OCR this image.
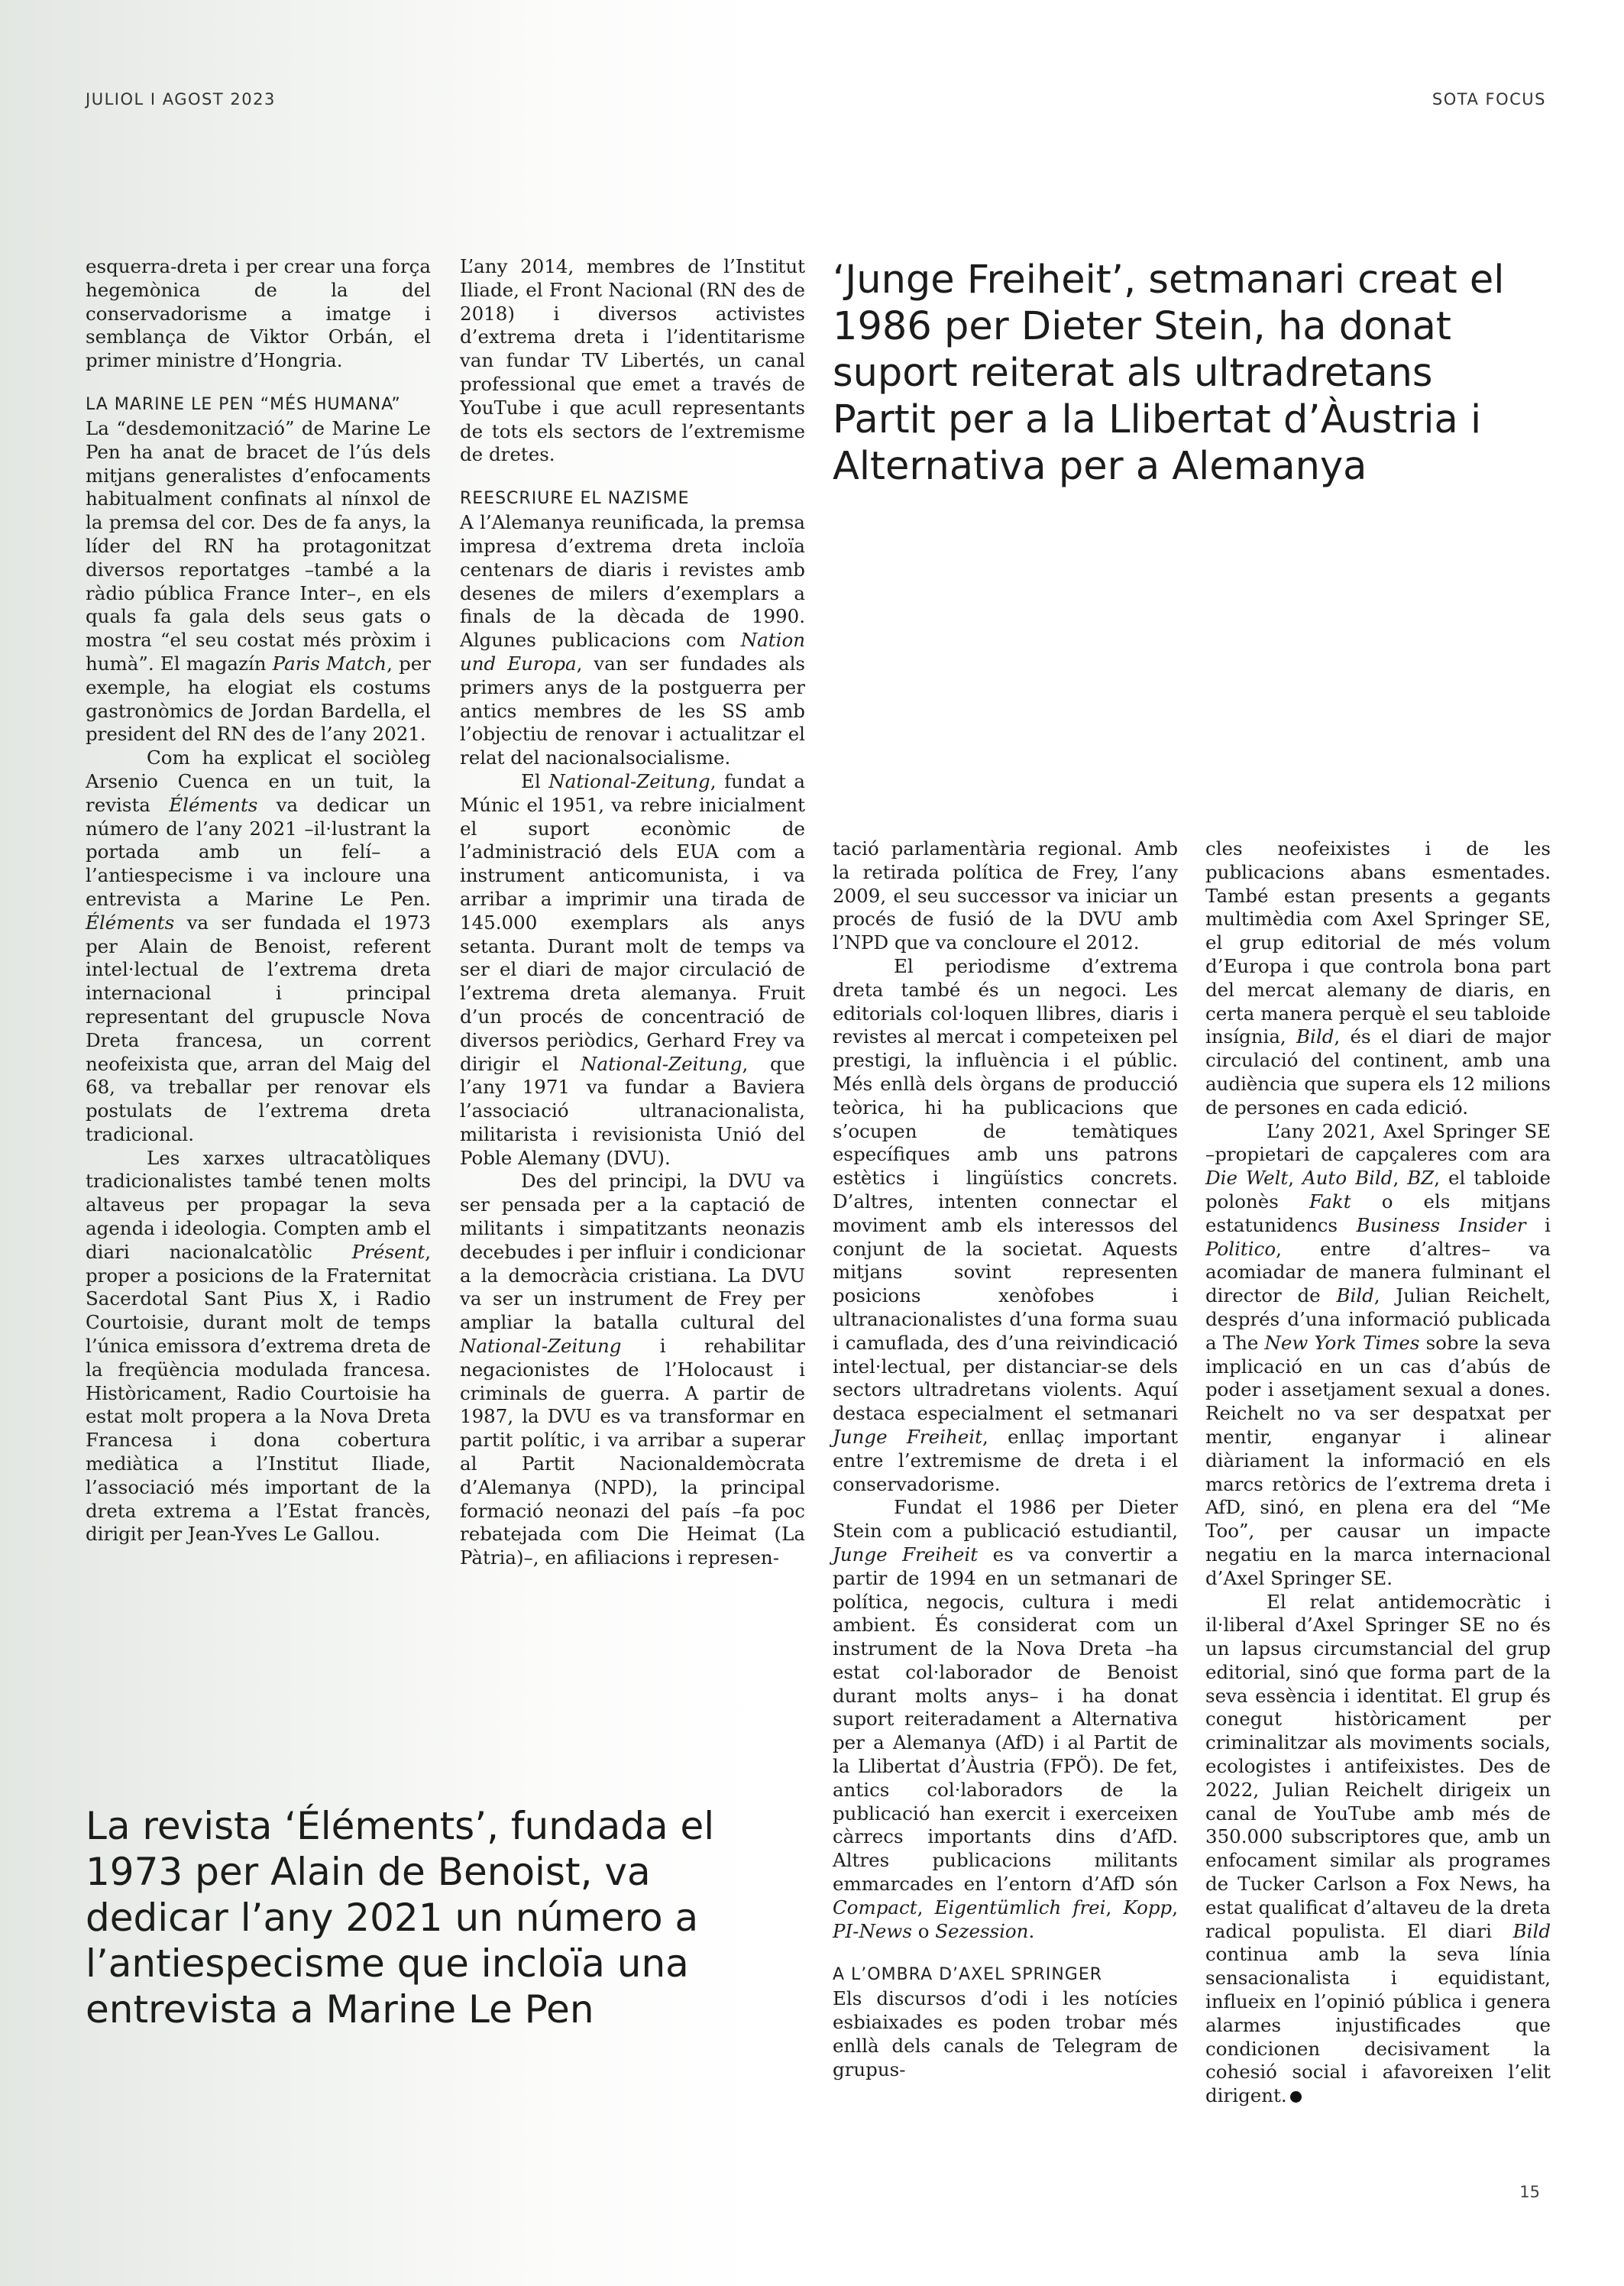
JULIOL I AGOST 2023	SOTA FOCUS
‘Junge Freiheit’, setmanari creat el 1986 per Dieter Stein, ha donat suport reiterat als ultradretans Partit per a la Llibertat d’Àustria i Alternativa per a Alemanya

esquerra-dreta i per crear una força hegemònica de la del conservadorisme a imatge i semblança de Viktor Orbán, el primer ministre d’Hongria.

LA MARINE LE PEN “MÉS HUMANA”

La “desdemonització” de Marine Le Pen ha anat de bracet de l’ús dels mitjans generalistes d’enfocaments habitualment confinats al nínxol de la premsa del cor. Des de fa anys, la líder del RN ha protagonitzat diversos reportatges –també a la ràdio pública France Inter–, en els quals fa gala dels seus gats o mostra “el seu costat més pròxim i humà”. El magazín Paris Match, per exemple, ha elogiat els costums gastronòmics de Jordan Bardella, el president del RN des de l’any 2021.

Com ha explicat el sociòleg Arsenio Cuenca en un tuit, la revista Éléments va dedicar un número de l’any 2021 –il·lustrant la portada amb un felí– a l’antiespecisme i va incloure una entrevista a Marine Le Pen. Éléments va ser fundada el 1973 per Alain de Benoist, referent intel·lectual de l’extrema dreta internacional i principal representant del grupuscle Nova Dreta francesa, un corrent neofeixista que, arran del Maig del 68, va treballar per renovar els postulats de l’extrema dreta tradicional.

Les xarxes ultracatòliques tradicionalistes també tenen molts altaveus per propagar la seva agenda i ideologia. Compten amb el diari nacionalcatòlic Présent, proper a posicions de la Fraternitat Sacerdotal Sant Pius X, i Radio Courtoisie, durant molt de temps l’única emissora d’extrema dreta de la freqüència modulada francesa. Històricament, Radio Courtoisie ha estat molt propera a la Nova Dreta Francesa i dona cobertura mediàtica a l’Institut Iliade, l’associació més important de la dreta extrema a l’Estat francès, dirigit per Jean-Yves Le Gallou.

L’any 2014, membres de l’Institut Iliade, el Front Nacional (RN des de 2018) i diversos activistes d’extrema dreta i l’identitarisme van fundar TV Libertés, un canal professional que emet a través de YouTube i que acull representants de tots els sectors de l’extremisme de dretes.

REESCRIURE EL NAZISME

A l’Alemanya reunificada, la premsa impresa d’extrema dreta incloïa centenars de diaris i revistes amb desenes de milers d’exemplars a finals de la dècada de 1990. Algunes publicacions com Nation und Europa, van ser fundades als primers anys de la postguerra per antics membres de les SS amb l’objectiu de renovar i actualitzar el relat del nacionalsocialisme.

El National-Zeitung, fundat a Múnic el 1951, va rebre inicialment el suport econòmic de l’administració dels EUA com a instrument anticomunista, i va arribar a imprimir una tirada de 145.000 exemplars als anys setanta. Durant molt de temps va ser el diari de major circulació de l’extrema dreta alemanya. Fruit d’un procés de concentració de diversos periòdics, Gerhard Frey va dirigir el National-Zeitung, que l’any 1971 va fundar a Baviera l’associació ultranacionalista, militarista i revisionista Unió del Poble Alemany (DVU).

Des del principi, la DVU va ser pensada per a la captació de militants i simpatitzants neonazis decebudes i per influir i condicionar a la democràcia cristiana. La DVU va ser un instrument de Frey per ampliar la batalla cultural del National-Zeitung i rehabilitar negacionistes de l’Holocaust i criminals de guerra. A partir de 1987, la DVU es va transformar en partit polític, i va arribar a superar al Partit Nacionaldemòcrata d’Alemanya (NPD), la principal formació neonazi del país –fa poc rebatejada com Die Heimat (La Pàtria)–, en afiliacions i represen-

tació parlamentària regional. Amb la retirada política de Frey, l’any 2009, el seu successor va iniciar un procés de fusió de la DVU amb l’NPD que va concloure el 2012.

El periodisme d’extrema dreta també és un negoci. Les editorials col·loquen llibres, diaris i revistes al mercat i competeixen pel prestigi, la influència i el públic. Més enllà dels òrgans de producció teòrica, hi ha publicacions que s’ocupen de temàtiques específiques amb uns patrons estètics i lingüístics concrets. D’altres, intenten connectar el moviment amb els interessos del conjunt de la societat. Aquests mitjans sovint representen posicions xenòfobes i ultranacionalistes d’una forma suau i camuflada, des d’una reivindicació intel·lectual, per distanciar-se dels sectors ultradretans violents. Aquí destaca especialment el setmanari Junge Freiheit, enllaç important entre l’extremisme de dreta i el conservadorisme.

Fundat el 1986 per Dieter Stein com a publicació estudiantil, Junge Freiheit es va convertir a partir de 1994 en un setmanari de política, negocis, cultura i medi ambient. És considerat com un instrument de la Nova Dreta –ha estat col·laborador de Benoist durant molts anys– i ha donat suport reiteradament a Alternativa per a Alemanya (AfD) i al Partit de la Llibertat d’Àustria (FPÖ). De fet, antics col·laboradors de la publicació han exercit i exerceixen càrrecs importants dins d’AfD. Altres publicacions militants emmarcades en l’entorn d’AfD són Compact, Eigentümlich frei, Kopp, PI-News o Sezession.

A L’OMBRA D’AXEL SPRINGER

Els discursos d’odi i les notícies esbiaixades es poden trobar més enllà dels canals de Telegram de grupus-

cles neofeixistes i de les publicacions abans esmentades. També estan presents a gegants multimèdia com Axel Springer SE, el grup editorial de més volum d’Europa i que controla bona part del mercat alemany de diaris, en certa manera perquè el seu tabloide insígnia, Bild, és el diari de major circulació del continent, amb una audiència que supera els 12 milions de persones en cada edició.

L’any 2021, Axel Springer SE –propietari de capçaleres com ara Die Welt, Auto Bild, BZ, el tabloide polonès Fakt o els mitjans estatunidencs Business Insider i Politico, entre d’altres– va acomiadar de manera fulminant el director de Bild, Julian Reichelt, després d’una informació publicada a The New York Times sobre la seva implicació en un cas d’abús de poder i assetjament sexual a dones. Reichelt no va ser despatxat per mentir, enganyar i alinear diàriament la informació en els marcs retòrics de l’extrema dreta i AfD, sinó, en plena era del “Me Too”, per causar un impacte negatiu en la marca internacional d’Axel Springer SE.

El relat antidemocràtic i il·liberal d’Axel Springer SE no és un lapsus circumstancial del grup editorial, sinó que forma part de la seva essència i identitat. El grup és conegut històricament per criminalitzar als moviments socials, ecologistes i antifeixistes. Des de 2022, Julian Reichelt dirigeix un canal de YouTube amb més de 350.000 subscriptores que, amb un enfocament similar als programes de Tucker Carlson a Fox News, ha estat qualificat d’altaveu de la dreta radical populista. El diari Bild continua amb la seva línia sensacionalista i equidistant, influeix en l’opinió pública i genera alarmes injustificades que condicionen decisivament la cohesió social i afavoreixen l’elit dirigent.

La revista ‘Éléments’, fundada el 1973 per Alain de Benoist, va dedicar l’any 2021 un número a l’antiespecisme que incloïa una entrevista a Marine Le Pen
15
